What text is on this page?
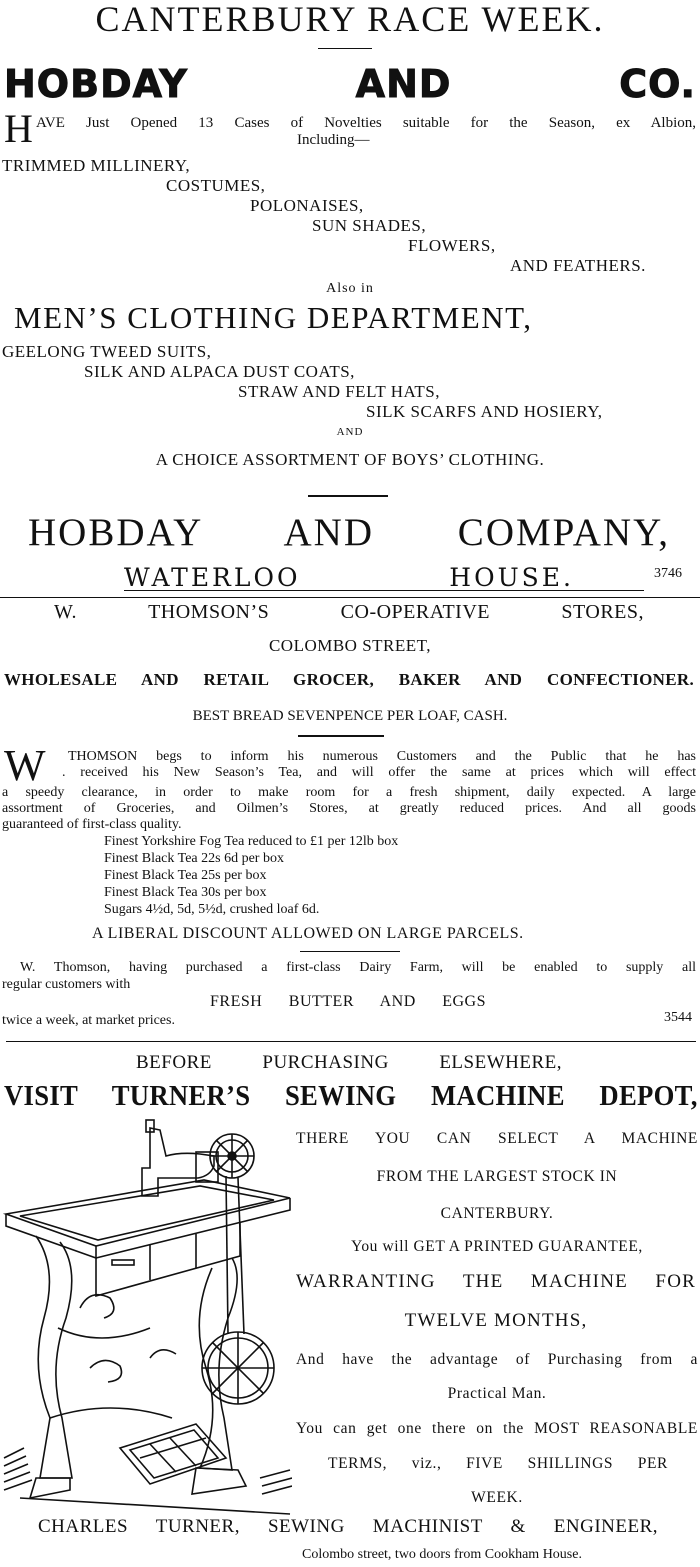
CANTERBURY RACE WEEK.
HOBDAY AND CO.
H AVE Just Opened 13 Cases of Novelties suitable for the Season, ex Albion,
Including—
TRIMMED MILLINERY,
COSTUMES,
POLONAISES,
SUN SHADES,
FLOWERS,
AND FEATHERS.
Also in
MEN’S CLOTHING DEPARTMENT,
GEELONG TWEED SUITS,
SILK AND ALPACA DUST COATS,
STRAW AND FELT HATS,
SILK SCARFS AND HOSIERY,
AND
A CHOICE ASSORTMENT OF BOYS’ CLOTHING.
HOBDAY AND COMPANY,
WATERLOO HOUSE.	3746
W. THOMSON’S CO-OPERATIVE STORES,
COLOMBO STREET,
WHOLESALE AND RETAIL GROCER, BAKER AND CONFECTIONER.
BEST BREAD SEVENPENCE PER LOAF, CASH.
W THOMSON begs to inform his numerous Customers and the Public that he has
. received his New Season’s Tea, and will offer the same at prices which will effect
a speedy clearance, in order to make room for a fresh shipment, daily expected. A large
assortment of Groceries, and Oilmen’s Stores, at greatly reduced prices. And all goods
guaranteed of first-class quality.
Finest Yorkshire Fog Tea reduced to £1 per 12lb box
Finest Black Tea 22s 6d per box
Finest Black Tea 25s per box
Finest Black Tea 30s per box
Sugars 4½d, 5d, 5½d, crushed loaf 6d.
A LIBERAL DISCOUNT ALLOWED ON LARGE PARCELS.
W. Thomson, having purchased a first-class Dairy Farm, will be enabled to supply all
regular customers with
FRESH BUTTER AND EGGS
twice a week, at market prices.	3544
BEFORE PURCHASING ELSEWHERE,
VISIT TURNER’S SEWING MACHINE DEPOT,
THERE YOU CAN SELECT A MACHINE
FROM THE LARGEST STOCK IN
CANTERBURY.
You will GET A PRINTED GUARANTEE,
WARRANTING THE MACHINE FOR
TWELVE MONTHS,
And have the advantage of Purchasing from a
Practical Man.
You can get one there on the MOST REASONABLE
TERMS, viz., FIVE SHILLINGS PER
WEEK.
CHARLES TURNER, SEWING MACHINIST & ENGINEER,
Colombo street, two doors from Cookham House.
